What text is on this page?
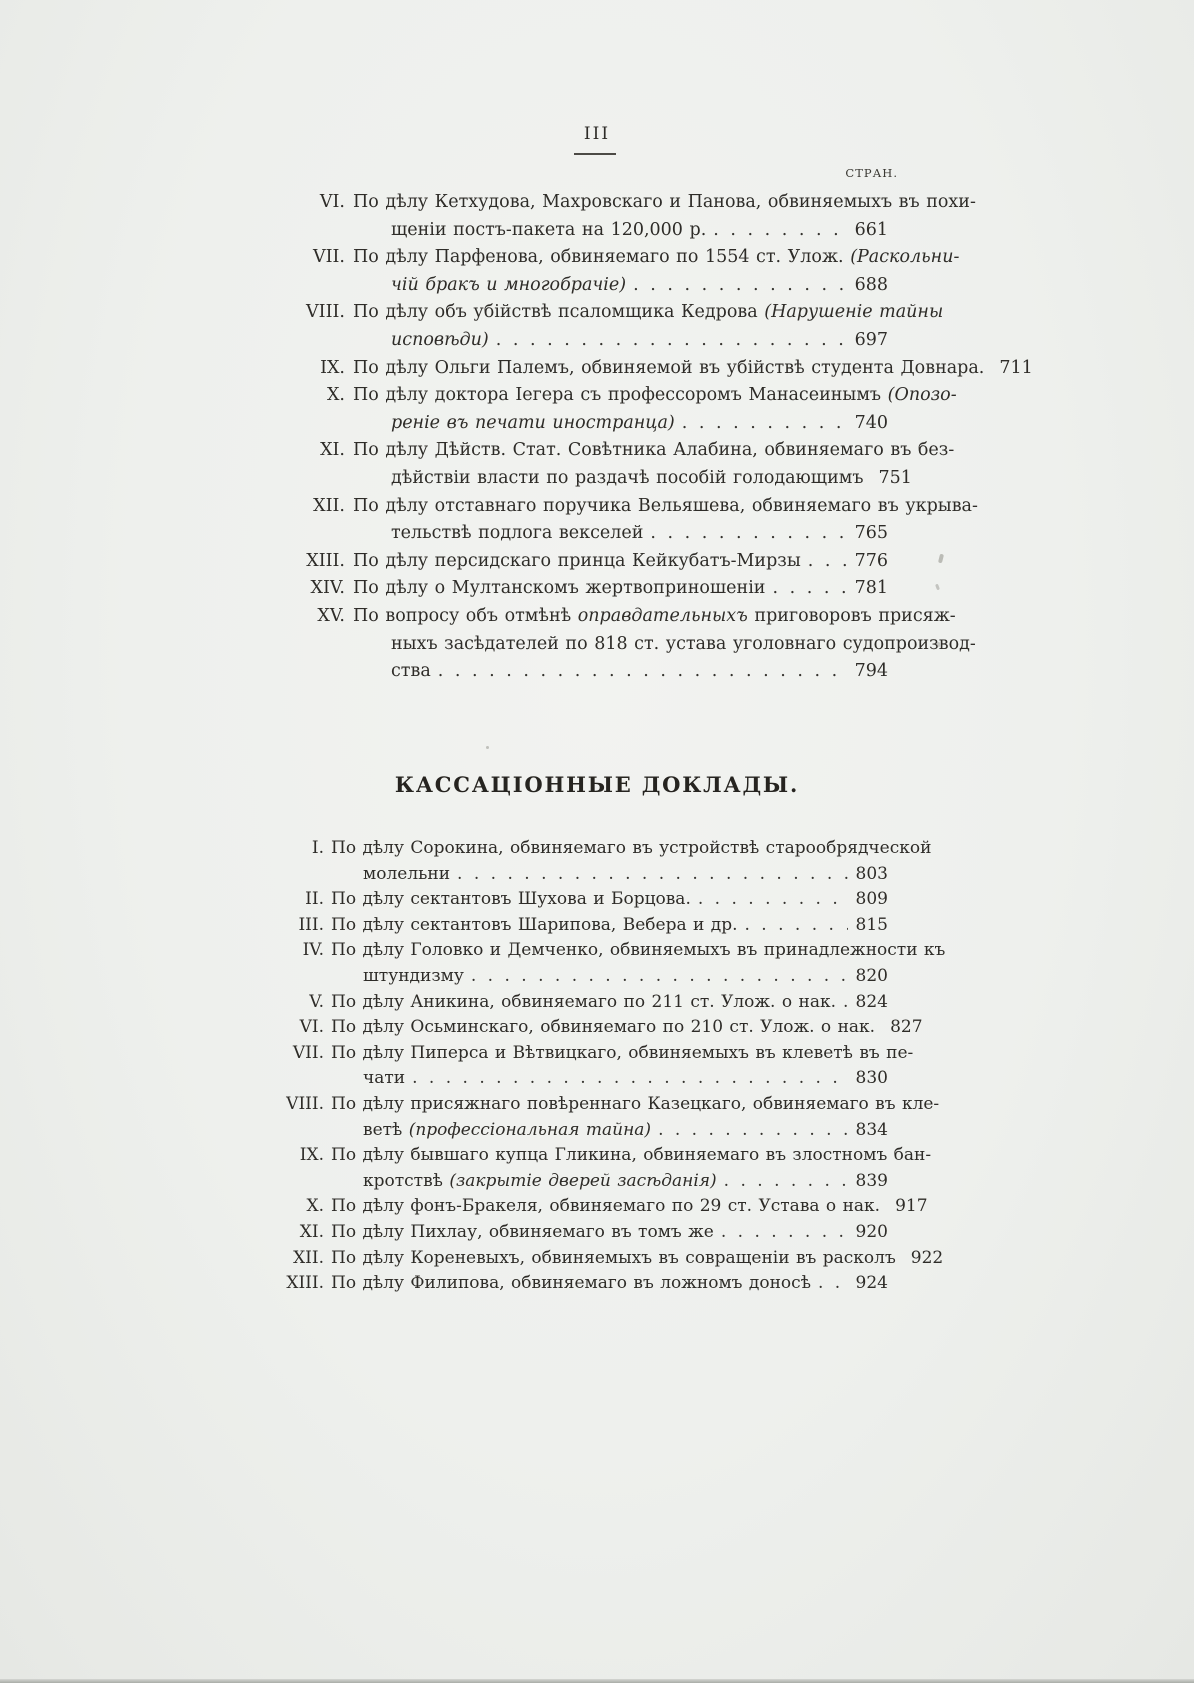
III
СТРАН.
VI. По дѣлу Кетхудова, Махровскаго и Панова, обвиняемыхъ въ похи-
щеніи постъ-пакета на 120,000 р. . . .	661
VII. По дѣлу Парфенова, обвиняемаго по 1554 ст. Улож. (Раскольни-
чій бракъ и многобрачіе) . . .	688
VIII. По дѣлу объ убійствѣ псаломщика Кедрова (Нарушеніе тайны
исповѣди) . . .	697
IX. По дѣлу Ольги Палемъ, обвиняемой въ убійствѣ студента Довнара. 711
X. По дѣлу доктора Іегера съ профессоромъ Манасеинымъ (Опозо-
реніе въ печати иностранца) . . .	740
XI. По дѣлу Дѣйств. Стат. Совѣтника Алабина, обвиняемаго въ без-
дѣйствіи власти по раздачѣ пособій голодающимъ 751
XII. По дѣлу отставнаго поручика Вельяшева, обвиняемаго въ укрыва-
тельствѣ подлога векселей . . .	765
XIII. По дѣлу персидскаго принца Кейкубатъ-Мирзы . . .	776
XIV. По дѣлу о Мултанскомъ жертвоприношеніи . . .	781
XV. По вопросу объ отмѣнѣ оправдательныхъ приговоровъ присяж-
ныхъ засѣдателей по 818 ст. устава уголовнаго судопроизвод-
ства . . .	794
КАССАЦІОННЫЕ ДОКЛАДЫ.
I. По дѣлу Сорокина, обвиняемаго въ устройствѣ старообрядческой
молельни . . .	803
II. По дѣлу сектантовъ Шухова и Борцова. . . .	809
III. По дѣлу сектантовъ Шарипова, Вебера и др. . . .	815
IV. По дѣлу Головко и Демченко, обвиняемыхъ въ принадлежности къ
штундизму . . .	820
V. По дѣлу Аникина, обвиняемаго по 211 ст. Улож. о нак. . . . 824
VI. По дѣлу Осьминскаго, обвиняемаго по 210 ст. Улож. о нак. 827
VII. По дѣлу Пиперса и Вѣтвицкаго, обвиняемыхъ въ клеветѣ въ пе-
чати . . .	830
VIII. По дѣлу присяжнаго повѣреннаго Казецкаго, обвиняемаго въ кле-
ветѣ (профессіональная тайна) . . .	834
IX. По дѣлу бывшаго купца Гликина, обвиняемаго въ злостномъ бан-
кротствѣ (закрытіе дверей засѣданія) . . .	839
X. По дѣлу фонъ-Бракеля, обвиняемаго по 29 ст. Устава о нак. 917
XI. По дѣлу Пихлау, обвиняемаго въ томъ же . . .	920
XII. По дѣлу Кореневыхъ, обвиняемыхъ въ совращеніи въ расколъ 922
XIII. По дѣлу Филипова, обвиняемаго въ ложномъ доносѣ . . .	924
